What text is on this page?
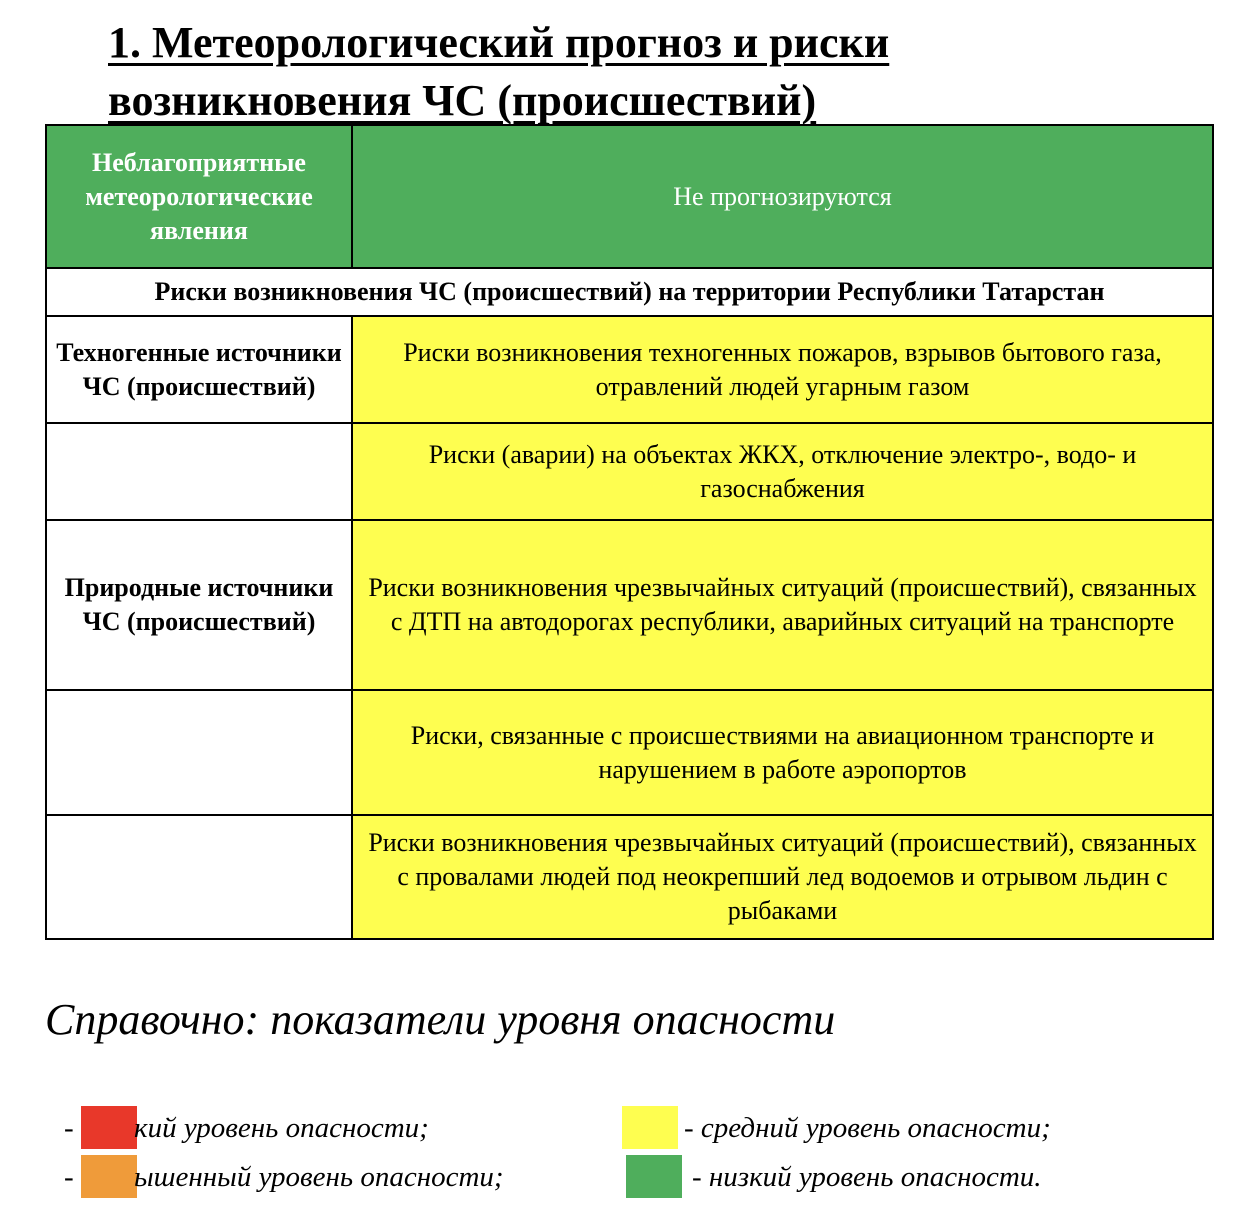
1. Метеорологический прогноз и риски возникновения ЧС (происшествий)
Неблагоприятные метеорологические явления	Не прогнозируются
Риски возникновения ЧС (происшествий) на территории Республики Татарстан	
Техногенные источники ЧС (происшествий)	Риски возникновения техногенных пожаров, взрывов бытового газа, отравлений людей угарным газом
	Риски (аварии) на объектах ЖКХ, отключение электро-, водо- и газоснабжения
Природные источники ЧС (происшествий)	Риски возникновения чрезвычайных ситуаций (происшествий), связанных с ДТП на автодорогах республики, аварийных ситуаций на транспорте
	Риски, связанные с происшествиями на авиационном транспорте и нарушением в работе аэропортов
	Риски возникновения чрезвычайных ситуаций (происшествий), связанных с провалами людей под неокрепший лед водоемов и отрывом льдин с рыбаками
Справочно: показатели уровня опасности
- кий уровень опасности;
- ышенный уровень опасности;
- средний уровень опасности;
- низкий уровень опасности.
